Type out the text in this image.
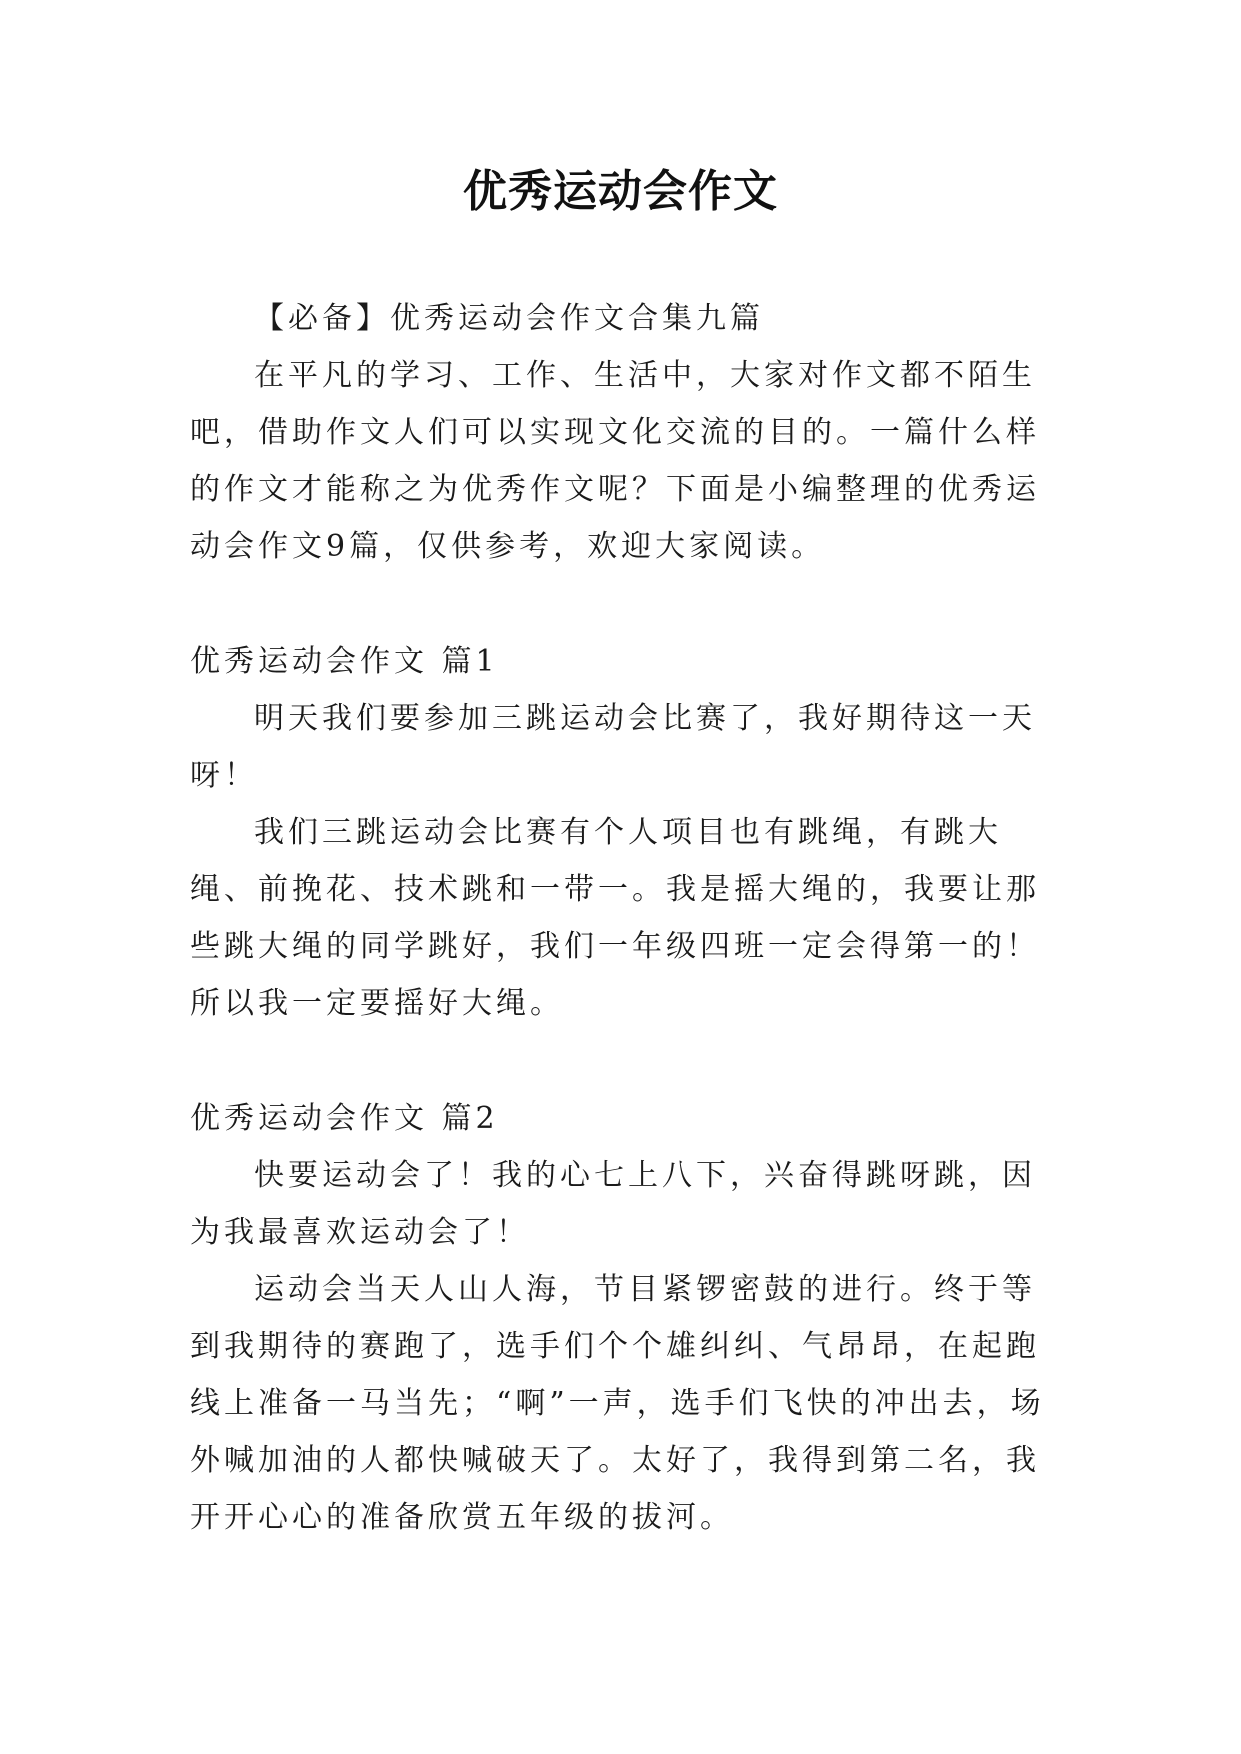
优秀运动会作文

【必备】优秀运动会作文合集九篇

在平凡的学习、工作、生活中，大家对作文都不陌生吧，借助作文人们可以实现文化交流的目的。一篇什么样的作文才能称之为优秀作文呢？下面是小编整理的优秀运动会作文9篇，仅供参考，欢迎大家阅读。

优秀运动会作文 篇1

明天我们要参加三跳运动会比赛了，我好期待这一天呀！

我们三跳运动会比赛有个人项目也有跳绳，有跳大绳、前挽花、技术跳和一带一。我是摇大绳的，我要让那些跳大绳的同学跳好，我们一年级四班一定会得第一的！所以我一定要摇好大绳。

优秀运动会作文 篇2

快要运动会了！我的心七上八下，兴奋得跳呀跳，因为我最喜欢运动会了！

运动会当天人山人海，节目紧锣密鼓的进行。终于等到我期待的赛跑了，选手们个个雄纠纠、气昂昂，在起跑线上准备一马当先；“啊”一声，选手们飞快的冲出去，场外喊加油的人都快喊破天了。太好了，我得到第二名，我开开心心的准备欣赏五年级的拔河。
